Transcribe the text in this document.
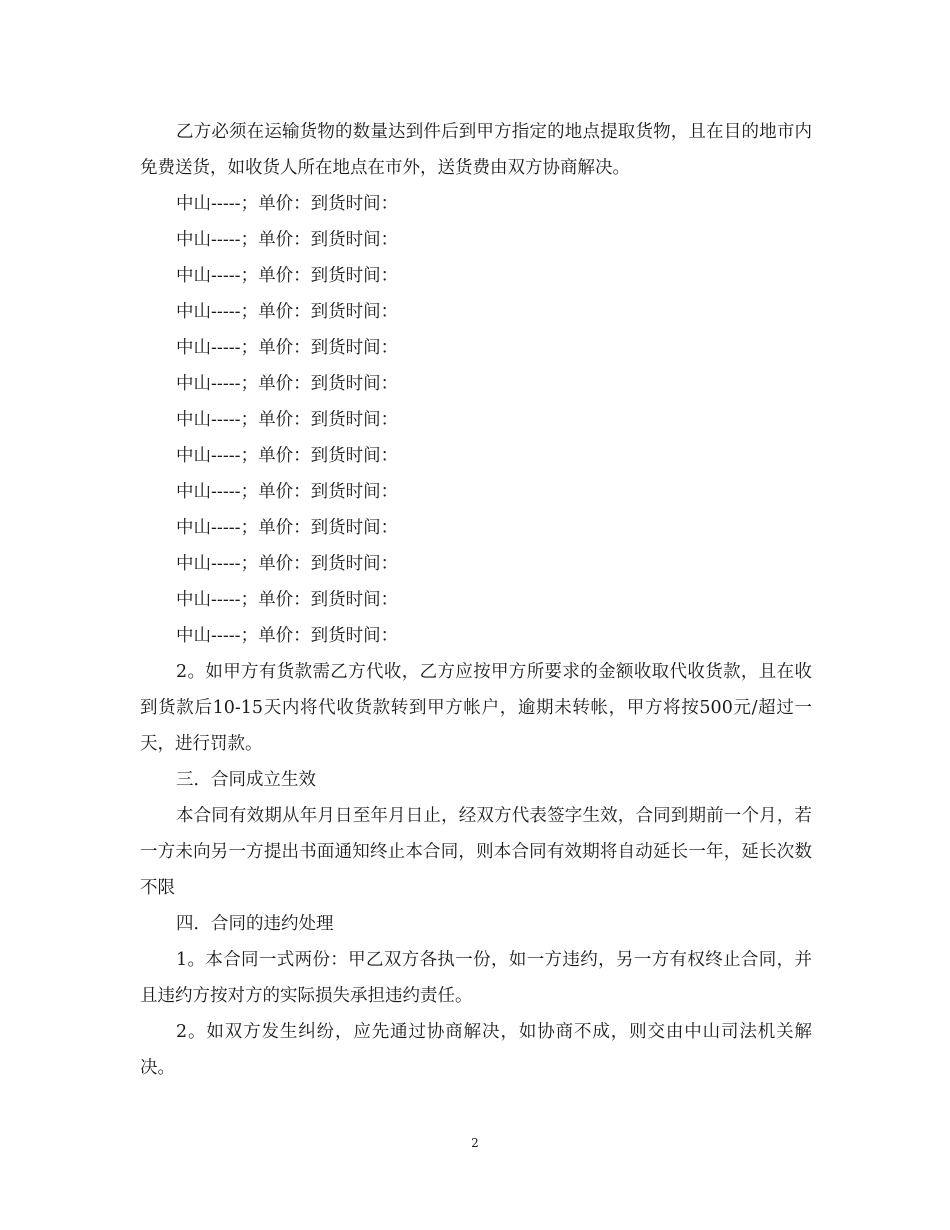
乙方必须在运输货物的数量达到件后到甲方指定的地点提取货物，且在目的地市内免费送货，如收货人所在地点在市外，送货费由双方协商解决。

中山-----；单价：到货时间：

中山-----；单价：到货时间：

中山-----；单价：到货时间：

中山-----；单价：到货时间：

中山-----；单价：到货时间：

中山-----；单价：到货时间：

中山-----；单价：到货时间：

中山-----；单价：到货时间：

中山-----；单价：到货时间：

中山-----；单价：到货时间：

中山-----；单价：到货时间：

中山-----；单价：到货时间：

中山-----；单价：到货时间：

2。如甲方有货款需乙方代收，乙方应按甲方所要求的金额收取代收货款，且在收到货款后10-15天内将代收货款转到甲方帐户，逾期未转帐，甲方将按500元/超过一天，进行罚款。

三．合同成立生效

本合同有效期从年月日至年月日止，经双方代表签字生效，合同到期前一个月，若一方未向另一方提出书面通知终止本合同，则本合同有效期将自动延长一年，延长次数不限

四．合同的违约处理

1。本合同一式两份：甲乙双方各执一份，如一方违约，另一方有权终止合同，并且违约方按对方的实际损失承担违约责任。

2。如双方发生纠纷，应先通过协商解决，如协商不成，则交由中山司法机关解决。

2
